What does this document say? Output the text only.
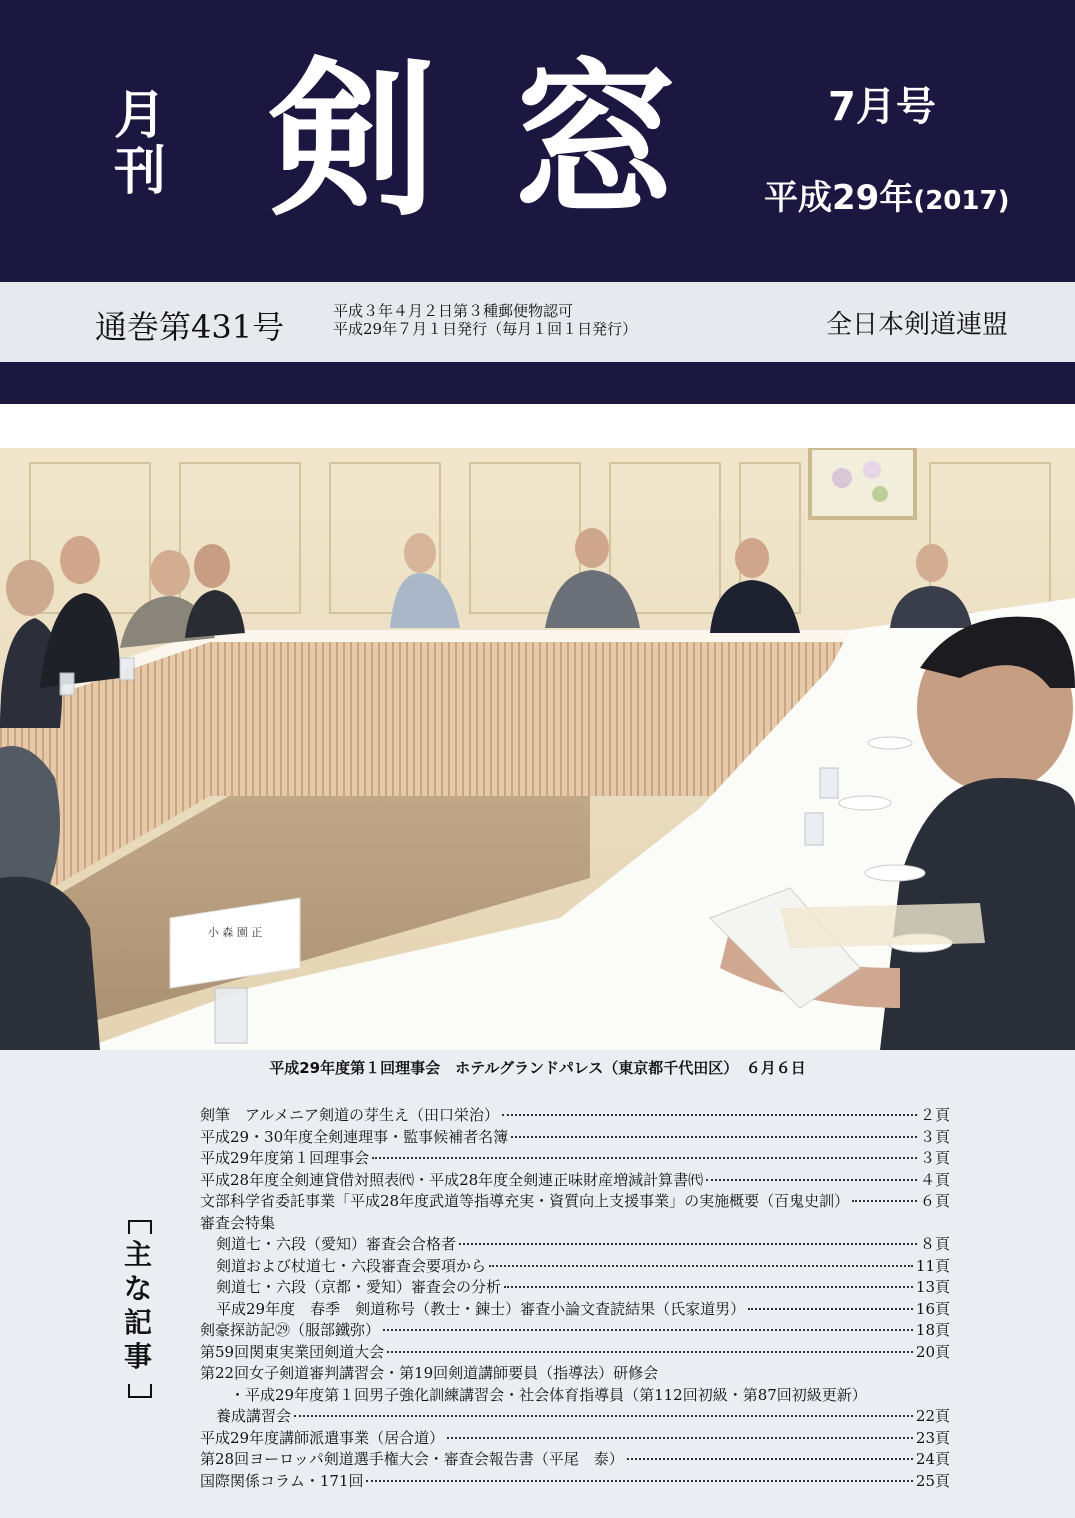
月
刊 剣 窓	7月号
平成29年(2017)
通巻第431号	平成３年４月２日第３種郵便物認可
平成29年７月１日発行（毎月１回１日発行）	全日本剣道連盟
小 森 園 正
平成29年度第１回理事会　ホテルグランドパレス（東京都千代田区）　６月６日
主
な
記
事
剣筆　アルメニア剣道の芽生え（田口栄治）	２頁
平成29・30年度全剣連理事・監事候補者名簿	３頁
平成29年度第１回理事会	３頁
平成28年度全剣連貸借対照表㈹・平成28年度全剣連正味財産増減計算書㈹	４頁
文部科学省委託事業「平成28年度武道等指導充実・資質向上支援事業」の実施概要（百鬼史訓）	６頁
審査会特集
剣道七・六段（愛知）審査会合格者	８頁
剣道および杖道七・六段審査会要項から	11頁
剣道七・六段（京都・愛知）審査会の分析	13頁
平成29年度　春季　剣道称号（教士・錬士）審査小論文査読結果（氏家道男）	16頁
剣豪探訪記㉙（服部鐵弥）	18頁
第59回関東実業団剣道大会	20頁
第22回女子剣道審判講習会・第19回剣道講師要員（指導法）研修会
・平成29年度第１回男子強化訓練講習会・社会体育指導員（第112回初級・第87回初級更新）
養成講習会	22頁
平成29年度講師派遣事業（居合道）	23頁
第28回ヨーロッパ剣道選手権大会・審査会報告書（平尾　泰）	24頁
国際関係コラム・171回	25頁
